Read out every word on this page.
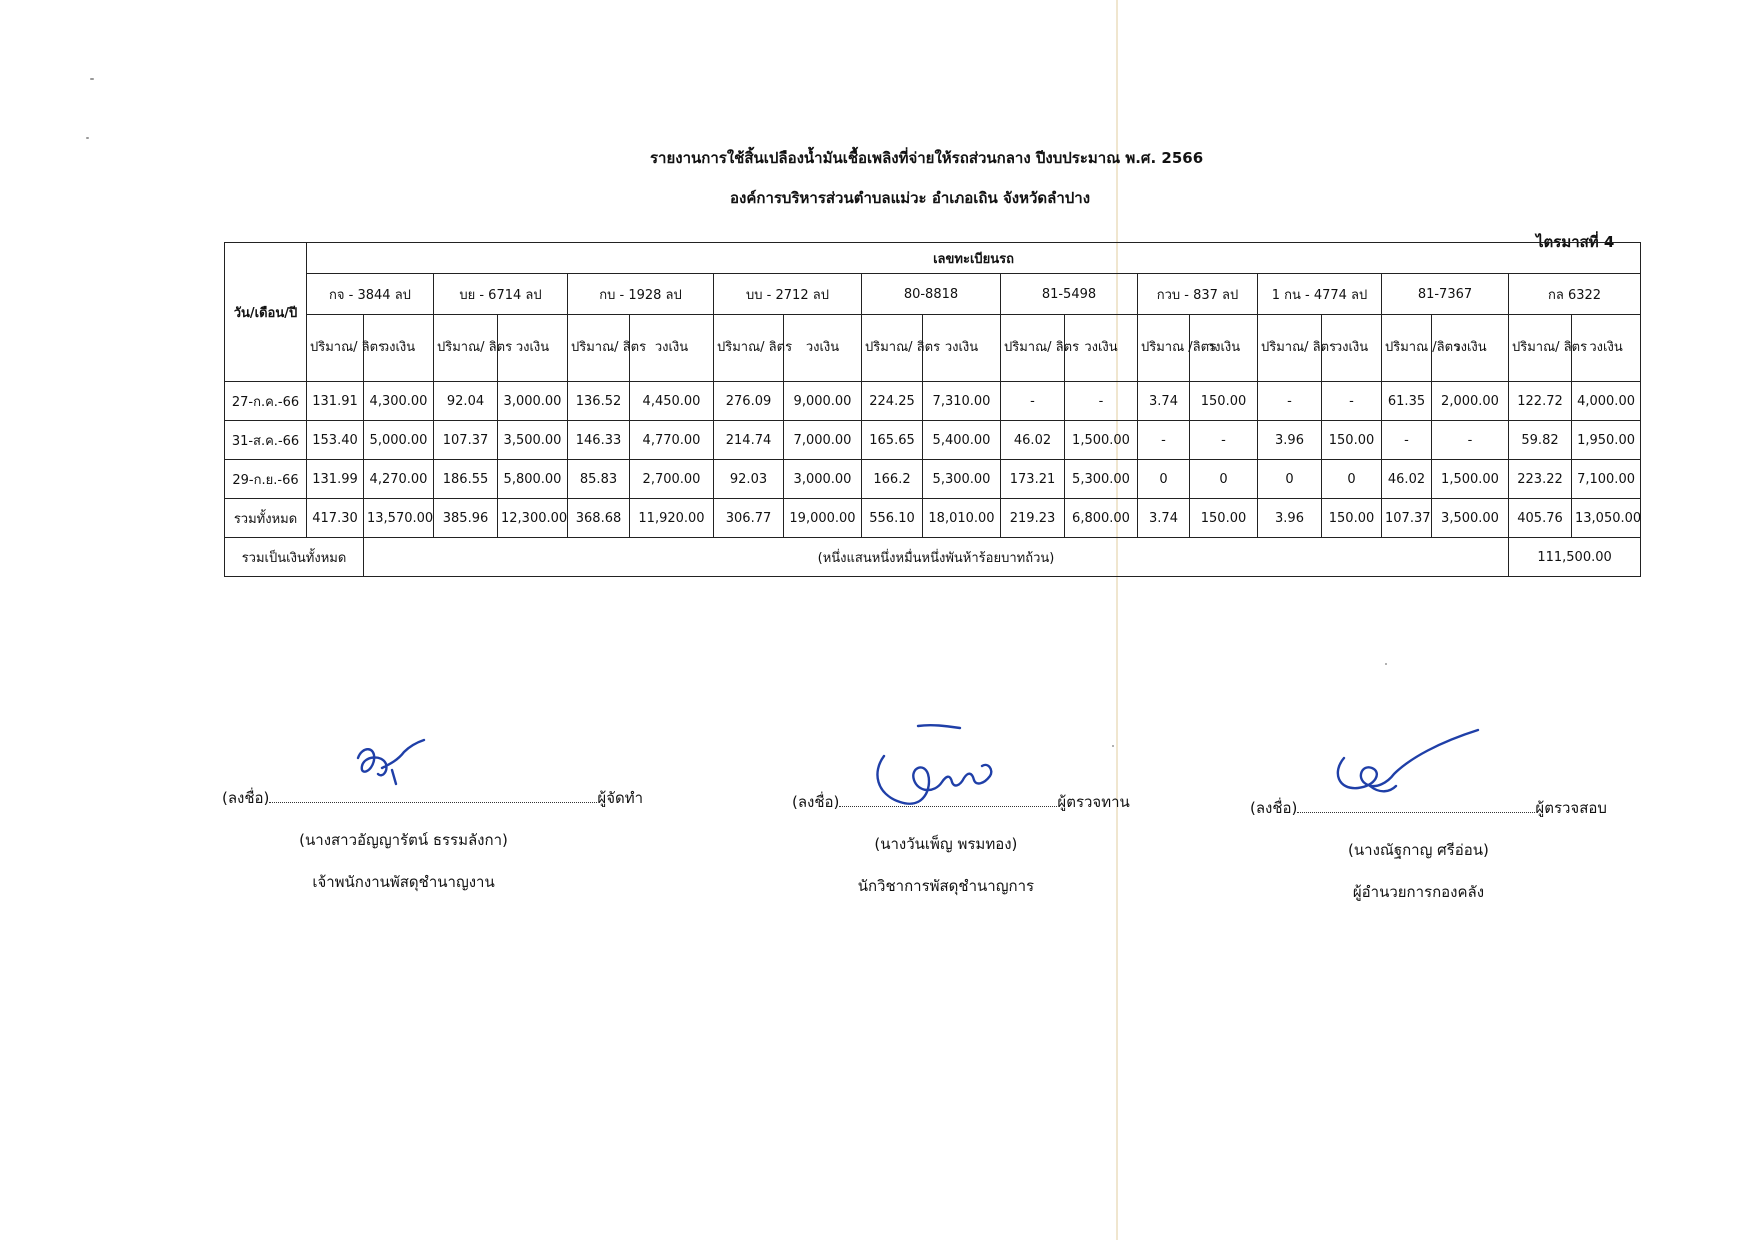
รายงานการใช้สิ้นเปลืองน้ำมันเชื้อเพลิงที่จ่ายให้รถส่วนกลาง ปีงบประมาณ พ.ศ. 2566
องค์การบริหารส่วนตำบลแม่วะ อำเภอเถิน จังหวัดลำปาง
ไตรมาสที่ 4
วัน/เดือน/ปี	เลขทะเบียนรถ																			
	กจ - 3844 ลป		บย - 6714 ลป		กบ - 1928 ลป		บบ - 2712 ลป		80-8818		81-5498		กวบ - 837 ลป		1 กน - 4774 ลป		81-7367		กล 6322	
	ปริมาณ/ ลิตร	วงเงิน	ปริมาณ/ ลิตร	วงเงิน	ปริมาณ/ ลิตร	วงเงิน	ปริมาณ/ ลิตร	วงเงิน	ปริมาณ/ ลิตร	วงเงิน	ปริมาณ/ ลิตร	วงเงิน	ปริมาณ /ลิตร	วงเงิน	ปริมาณ/ ลิตร	วงเงิน	ปริมาณ /ลิตร	วงเงิน	ปริมาณ/ ลิตร	วงเงิน
27-ก.ค.-66	131.91	4,300.00	92.04	3,000.00	136.52	4,450.00	276.09	9,000.00	224.25	7,310.00	-	-	3.74	150.00	-	-	61.35	2,000.00	122.72	4,000.00
31-ส.ค.-66	153.40	5,000.00	107.37	3,500.00	146.33	4,770.00	214.74	7,000.00	165.65	5,400.00	46.02	1,500.00	-	-	3.96	150.00	-	-	59.82	1,950.00
29-ก.ย.-66	131.99	4,270.00	186.55	5,800.00	85.83	2,700.00	92.03	3,000.00	166.2	5,300.00	173.21	5,300.00	0	0	0	0	46.02	1,500.00	223.22	7,100.00
รวมทั้งหมด	417.30	13,570.00	385.96	12,300.00	368.68	11,920.00	306.77	19,000.00	556.10	18,010.00	219.23	6,800.00	3.74	150.00	3.96	150.00	107.37	3,500.00	405.76	13,050.00
รวมเป็นเงินทั้งหมด		(หนึ่งแสนหนึ่งหมื่นหนึ่งพันห้าร้อยบาทถ้วน)																	111,500.00	
(ลงชื่อ)	ผู้จัดทำ
(นางสาวอัญญารัตน์ ธรรมลังกา)
เจ้าพนักงานพัสดุชำนาญงาน
(ลงชื่อ)	ผู้ตรวจทาน
(นางวันเพ็ญ พรมทอง)
นักวิชาการพัสดุชำนาญการ
(ลงชื่อ)	ผู้ตรวจสอบ
(นางณัฐกาญ ศรีอ่อน)
ผู้อำนวยการกองคลัง
